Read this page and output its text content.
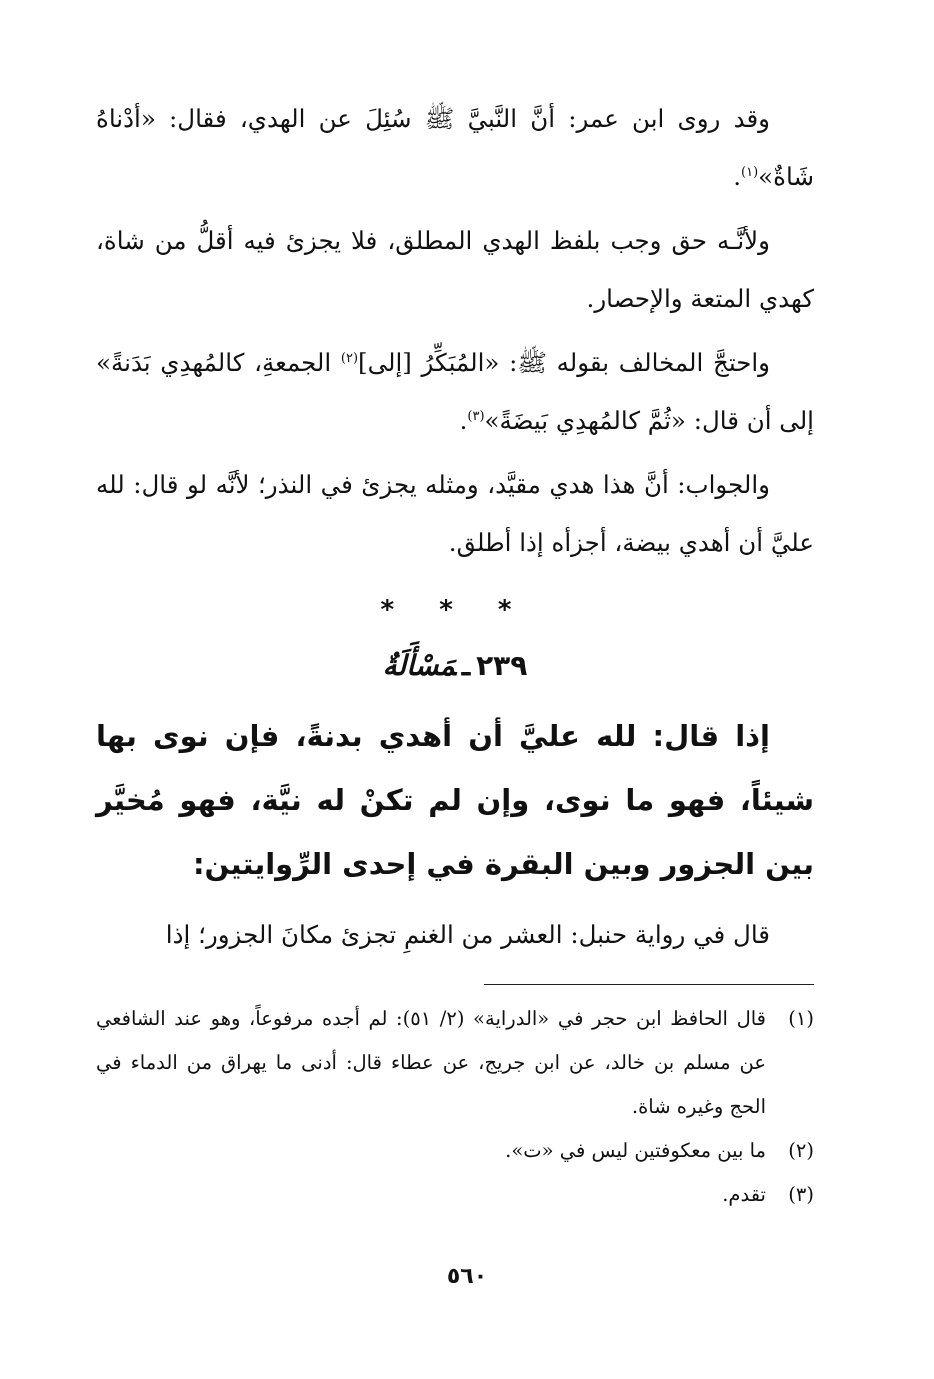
وقد روى ابن عمر: أنَّ النَّبيَّ ﷺ سُئِلَ عن الهدي، فقال: «أدْناهُ شَاةٌ»$^{(١)}$.

ولأنَّـه حق وجب بلفظ الهدي المطلق، فلا يجزئ فيه أقلُّ من شاة، كهدي المتعة والإحصار.

واحتجَّ المخالف بقوله ﷺ: «المُبَكِّرُ [إلى]$^{(٢)}$ الجمعةِ، كالمُهدِي بَدَنةً» إلى أن قال: «ثُمَّ كالمُهدِي بَيضَةً»$^{(٣)}$.

والجواب: أنَّ هذا هدي مقيَّد، ومثله يجزئ في النذر؛ لأنَّه لو قال: لله عليَّ أن أهدي بيضة، أجزأه إذا أطلق.

* * *
٢٣٩ـمَسْأَلَةٌ

إذا قال: لله عليَّ أن أهدي بدنةً، فإن نوى بها شيئاً، فهو ما نوى، وإن لم تكنْ له نيَّة، فهو مُخيَّر بين الجزور وبين البقرة في إحدى الرِّوايتين:

قال في رواية حنبل: العشر من الغنمِ تجزئ مكانَ الجزور؛ إذا

(١)
قال الحافظ ابن حجر في «الدراية» (٢/ ٥١): لم أجده مرفوعاً، وهو عند الشافعي عن مسلم بن خالد، عن ابن جريج، عن عطاء قال: أدنى ما يهراق من الدماء في الحج وغيره شاة.
(٢)
ما بين معكوفتين ليس في «ت».
(٣)
تقدم.
٥٦٠
